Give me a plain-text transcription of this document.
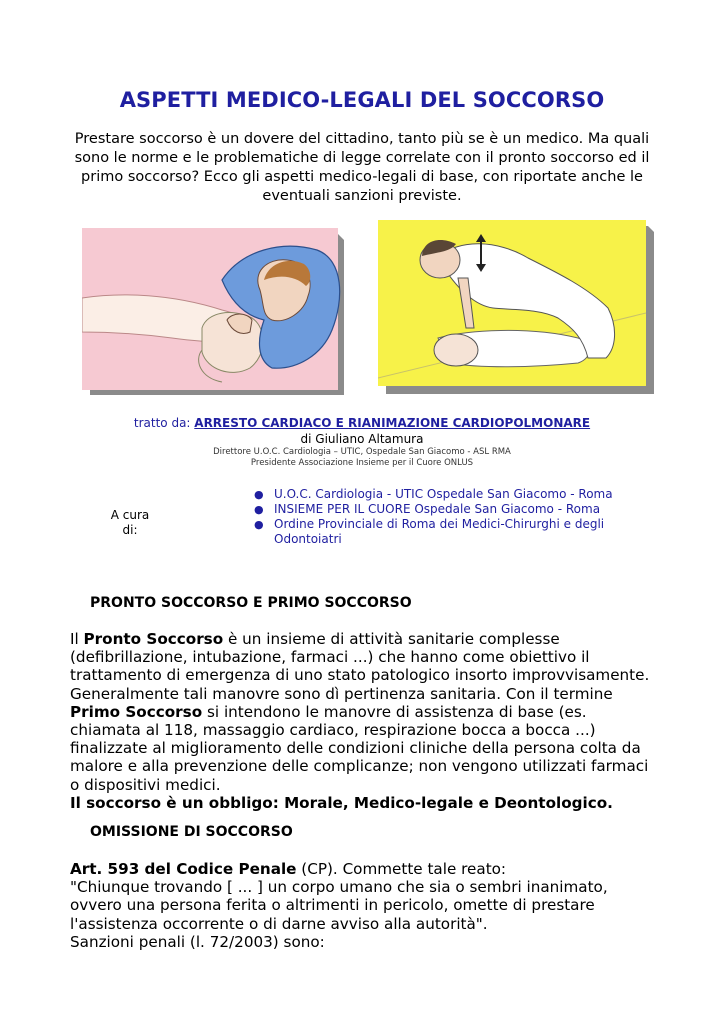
ASPETTI MEDICO-LEGALI DEL SOCCORSO

Prestare soccorso è un dovere del cittadino, tanto più se è un medico. Ma quali sono le norme e le problematiche di legge correlate con il pronto soccorso ed il primo soccorso? Ecco gli aspetti medico-legali di base, con riportate anche le eventuali sanzioni previste.

tratto da: ARRESTO CARDIACO E RIANIMAZIONE CARDIOPOLMONARE

di Giuliano Altamura

Direttore U.O.C. Cardiologia – UTIC, Ospedale San Giacomo - ASL RMA

Presidente Associazione Insieme per il Cuore ONLUS

A cura
di:
● U.O.C. Cardiologia - UTIC Ospedale San Giacomo - Roma
● INSIEME PER IL CUORE Ospedale San Giacomo - Roma
● Ordine Provinciale di Roma dei Medici-Chirurghi e degli Odontoiatri
PRONTO SOCCORSO E PRIMO SOCCORSO

Il Pronto Soccorso è un insieme di attività sanitarie complesse (defibrillazione, intubazione, farmaci ...) che hanno come obiettivo il trattamento di emergenza di uno stato patologico insorto improvvisamente. Generalmente tali manovre sono dì pertinenza sanitaria. Con il termine Primo Soccorso si intendono le manovre di assistenza di base (es. chiamata al 118, massaggio cardiaco, respirazione bocca a bocca ...) finalizzate al miglioramento delle condizioni cliniche della persona colta da malore e alla prevenzione delle complicanze; non vengono utilizzati farmaci o dispositivi medici.
Il soccorso è un obbligo: Morale, Medico-legale e Deontologico.

OMISSIONE DI SOCCORSO

Art. 593 del Codice Penale (CP). Commette tale reato:
"Chiunque trovando [ ... ] un corpo umano che sia o sembri inanimato, ovvero una persona ferita o altrimenti in pericolo, omette di prestare l'assistenza occorrente o di darne avviso alla autorità".
Sanzioni penali (l. 72/2003) sono:
